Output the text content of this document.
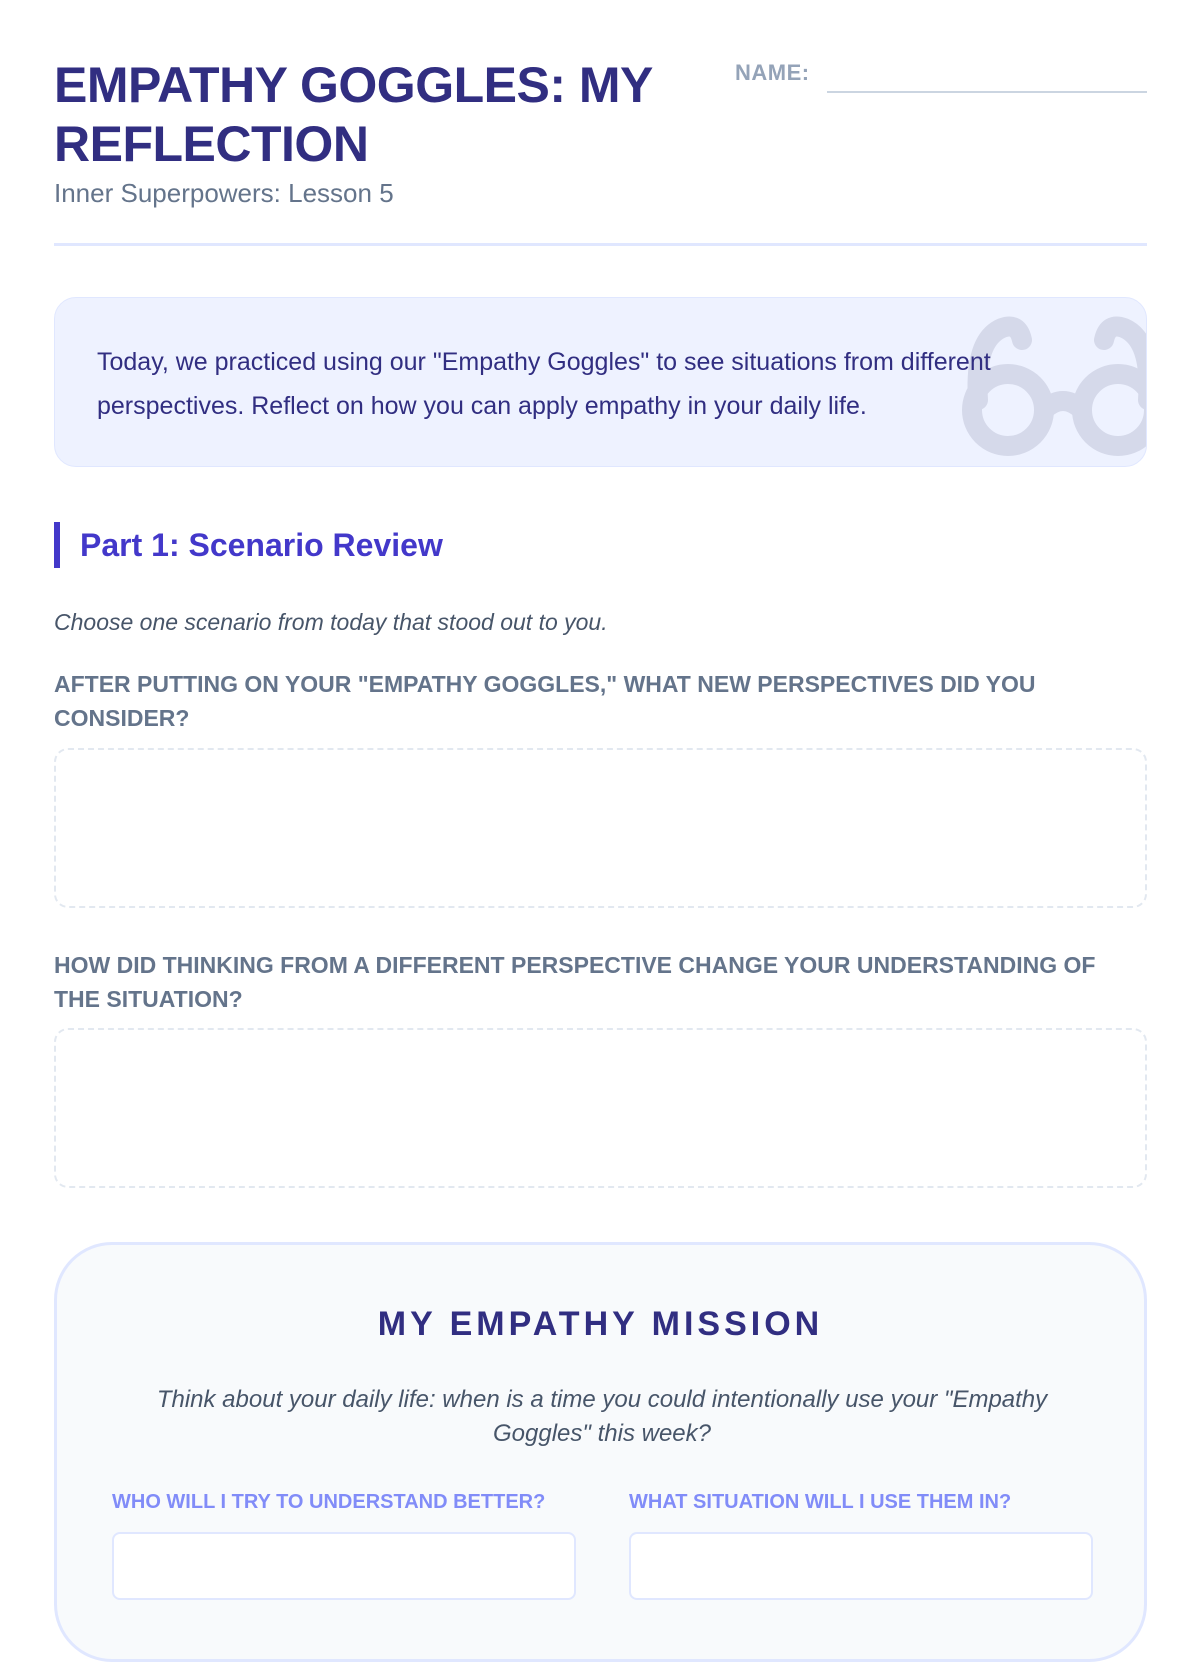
EMPATHY GOGGLES: MY REFLECTION
Inner Superpowers: Lesson 5
NAME:
Today, we practiced using our "Empathy Goggles" to see situations from different perspectives. Reflect on how you can apply empathy in your daily life.
Part 1: Scenario Review
Choose one scenario from today that stood out to you.
AFTER PUTTING ON YOUR "EMPATHY GOGGLES," WHAT NEW PERSPECTIVES DID YOU CONSIDER?
HOW DID THINKING FROM A DIFFERENT PERSPECTIVE CHANGE YOUR UNDERSTANDING OF THE SITUATION?
MY EMPATHY MISSION
Think about your daily life: when is a time you could intentionally use your "Empathy Goggles" this week?
WHO WILL I TRY TO UNDERSTAND BETTER?	WHAT SITUATION WILL I USE THEM IN?
